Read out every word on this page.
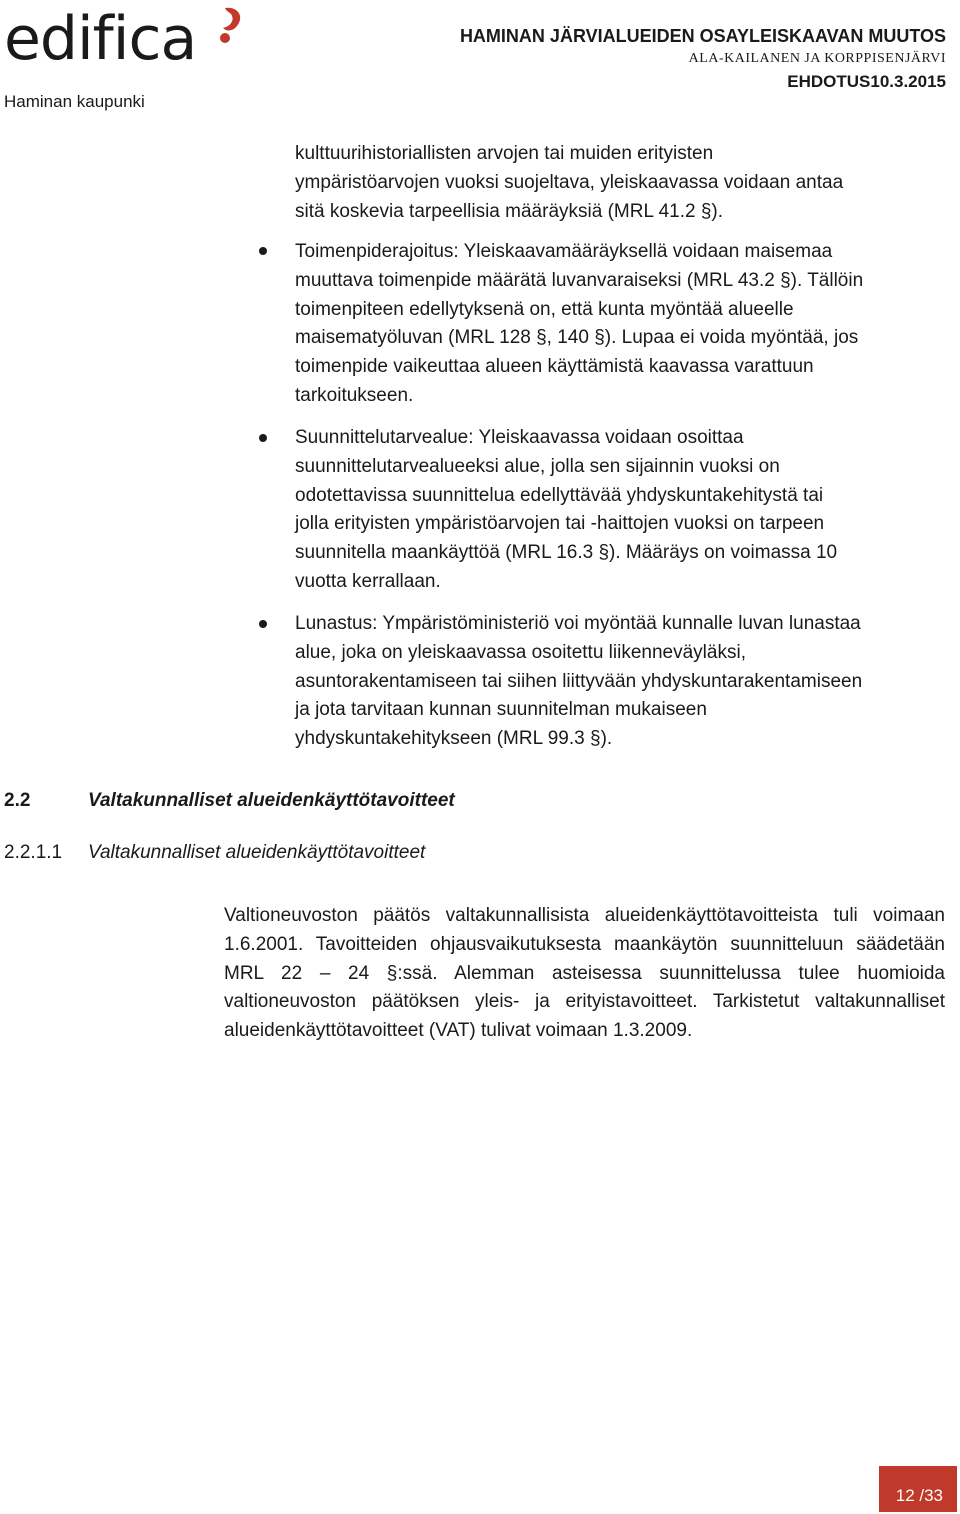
edifica
Haminan kaupunki
HAMINAN JÄRVIALUEIDEN OSAYLEISKAAVAN MUUTOS
ALA-KAILANEN JA KORPPISENJÄRVI
EHDOTUS10.3.2015
kulttuurihistoriallisten arvojen tai muiden erityisten
ympäristöarvojen vuoksi suojeltava, yleiskaavassa voidaan antaa
sitä koskevia tarpeellisia määräyksiä (MRL 41.2 §).
Toimenpiderajoitus: Yleiskaavamääräyksellä voidaan maisemaa
muuttava toimenpide määrätä luvanvaraiseksi (MRL 43.2 §). Tällöin
toimenpiteen edellytyksenä on, että kunta myöntää alueelle
maisematyöluvan (MRL 128 §, 140 §). Lupaa ei voida myöntää, jos
toimenpide vaikeuttaa alueen käyttämistä kaavassa varattuun
tarkoitukseen.
Suunnittelutarvealue: Yleiskaavassa voidaan osoittaa
suunnittelutarvealueeksi alue, jolla sen sijainnin vuoksi on
odotettavissa suunnittelua edellyttävää yhdyskuntakehitystä tai
jolla erityisten ympäristöarvojen tai -haittojen vuoksi on tarpeen
suunnitella maankäyttöä (MRL 16.3 §). Määräys on voimassa 10
vuotta kerrallaan.
Lunastus: Ympäristöministeriö voi myöntää kunnalle luvan lunastaa
alue, joka on yleiskaavassa osoitettu liikenneväyläksi,
asuntorakentamiseen tai siihen liittyvään yhdyskuntarakentamiseen
ja jota tarvitaan kunnan suunnitelman mukaiseen
yhdyskuntakehitykseen (MRL 99.3 §).
2.2	Valtakunnalliset alueidenkäyttötavoitteet
2.2.1.1 Valtakunnalliset alueidenkäyttötavoitteet
Valtioneuvoston päätös valtakunnallisista alueidenkäyttötavoitteista tuli voimaan 1.6.2001. Tavoitteiden ohjausvaikutuksesta maankäytön suunnitteluun säädetään MRL 22 – 24 §:ssä. Alemman asteisessa suunnittelussa tulee huomioida valtioneuvoston päätöksen yleis- ja erityistavoitteet. Tarkistetut valtakunnalliset alueidenkäyttötavoitteet (VAT) tulivat voimaan 1.3.2009.
12 /33
